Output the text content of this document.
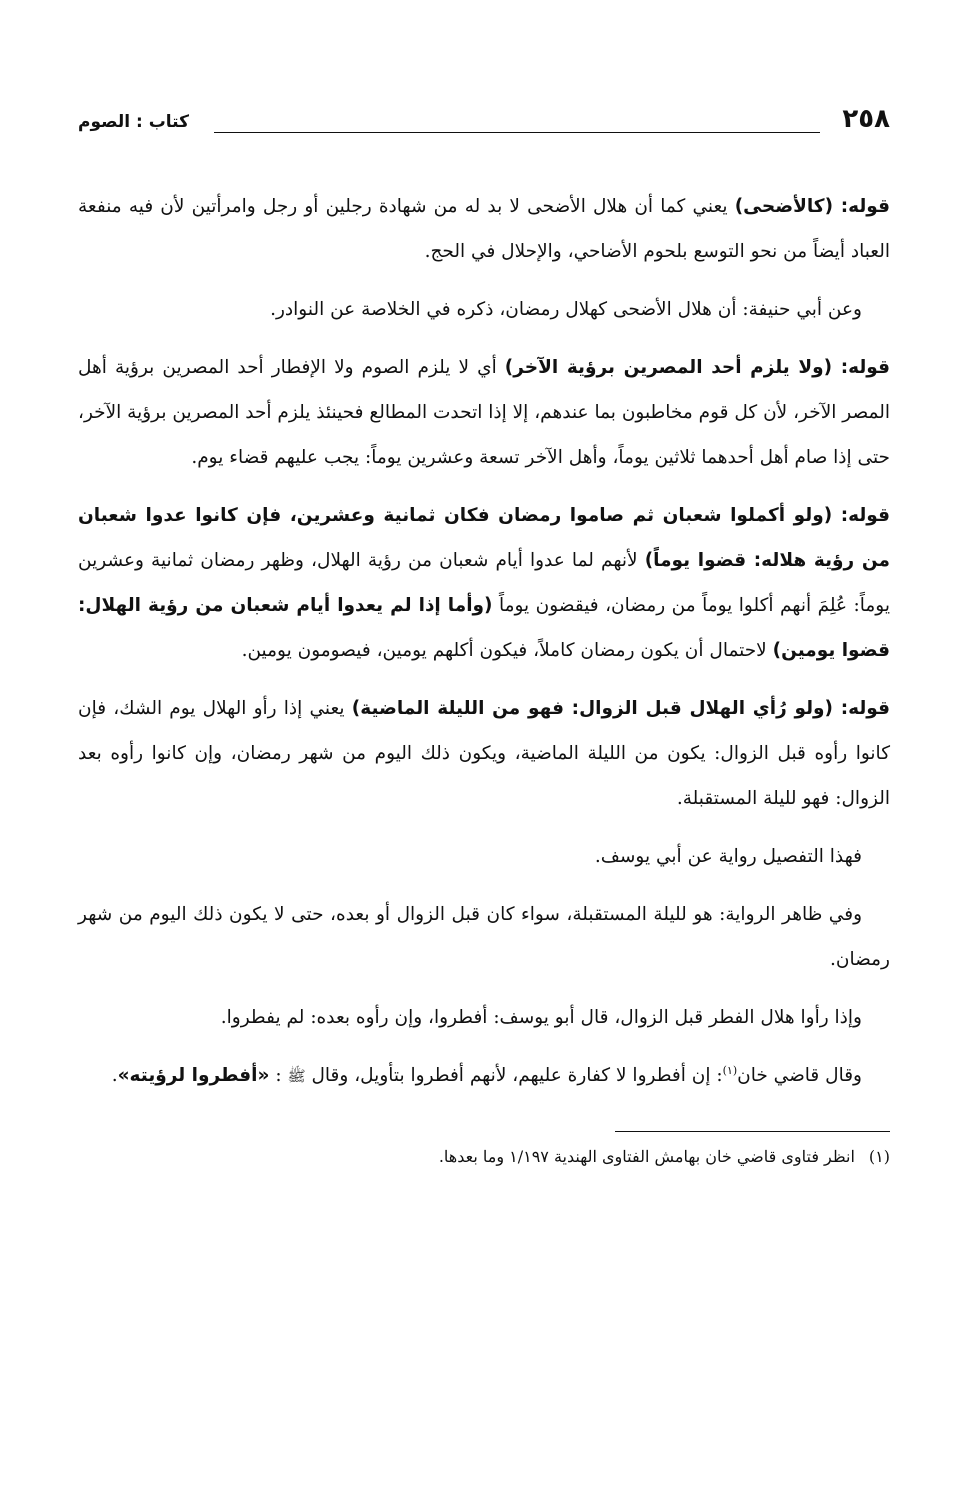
٢٥٨
كتاب : الصوم

قوله: (كالأضحى) يعني كما أن هلال الأضحى لا بد له من شهادة رجلين أو رجل وامرأتين لأن فيه منفعة العباد أيضاً من نحو التوسع بلحوم الأضاحي، والإحلال في الحج.

وعن أبي حنيفة: أن هلال الأضحى كهلال رمضان، ذكره في الخلاصة عن النوادر.

قوله: (ولا يلزم أحد المصرين برؤية الآخر) أي لا يلزم الصوم ولا الإفطار أحد المصرين برؤية أهل المصر الآخر، لأن كل قوم مخاطبون بما عندهم، إلا إذا اتحدت المطالع فحينئذ يلزم أحد المصرين برؤية الآخر، حتى إذا صام أهل أحدهما ثلاثين يوماً، وأهل الآخر تسعة وعشرين يوماً: يجب عليهم قضاء يوم.

قوله: (ولو أكملوا شعبان ثم صاموا رمضان فكان ثمانية وعشرين، فإن كانوا عدوا شعبان من رؤية هلاله: قضوا يوماً) لأنهم لما عدوا أيام شعبان من رؤية الهلال، وظهر رمضان ثمانية وعشرين يوماً: عُلِمَ أنهم أكلوا يوماً من رمضان، فيقضون يوماً (وأما إذا لم يعدوا أيام شعبان من رؤية الهلال: قضوا يومين) لاحتمال أن يكون رمضان كاملاً، فيكون أكلهم يومين، فيصومون يومين.

قوله: (ولو رُأي الهلال قبل الزوال: فهو من الليلة الماضية) يعني إذا رأو الهلال يوم الشك، فإن كانوا رأوه قبل الزوال: يكون من الليلة الماضية، ويكون ذلك اليوم من شهر رمضان، وإن كانوا رأوه بعد الزوال: فهو لليلة المستقبلة.

فهذا التفصيل رواية عن أبي يوسف.

وفي ظاهر الرواية: هو لليلة المستقبلة، سواء كان قبل الزوال أو بعده، حتى لا يكون ذلك اليوم من شهر رمضان.

وإذا رأوا هلال الفطر قبل الزوال، قال أبو يوسف: أفطروا، وإن رأوه بعده: لم يفطروا.

وقال قاضي خان$^{(١)}$: إن أفطروا لا كفارة عليهم، لأنهم أفطروا بتأويل، وقال ﷺ : «أفطروا لرؤيته».

(١)انظر فتاوى قاضي خان بهامش الفتاوى الهندية ١/١٩٧ وما بعدها.
